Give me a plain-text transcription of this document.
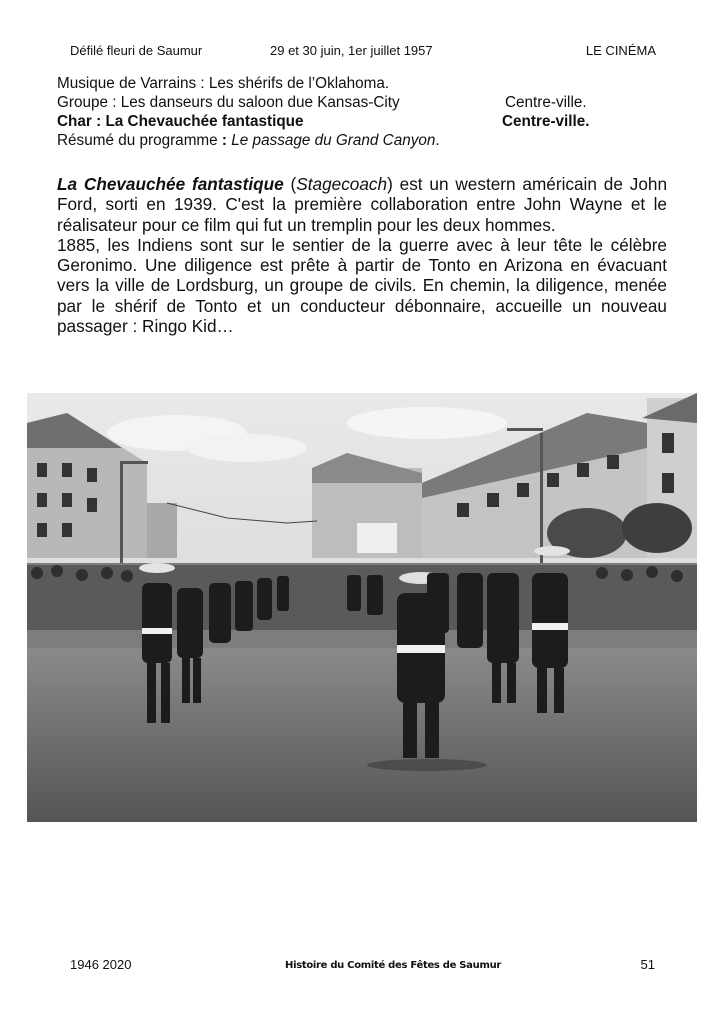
Défilé fleuri de Saumur	29 et 30 juin, 1er juillet 1957	LE CINÉMA
Musique de Varrains : Les shérifs de l’Oklahoma.
Groupe : Les danseurs du saloon due Kansas-City	Centre-ville.
Char : La Chevauchée fantastique	Centre-ville.
Résumé du programme : Le passage du Grand Canyon.

La Chevauchée fantastique (Stagecoach) est un western américain de John Ford, sorti en 1939. C'est la première collaboration entre John Wayne et le réalisateur pour ce film qui fut un tremplin pour les deux hommes.

1885, les Indiens sont sur le sentier de la guerre avec à leur tête le célèbre Geronimo. Une diligence est prête à partir de Tonto en Arizona en évacuant vers la ville de Lordsburg, un groupe de civils. En chemin, la diligence, menée par le shérif de Tonto et un conducteur débonnaire, accueille un nouveau passager : Ringo Kid…

1946 2020	Histoire du Comité des Fêtes de Saumur	51
